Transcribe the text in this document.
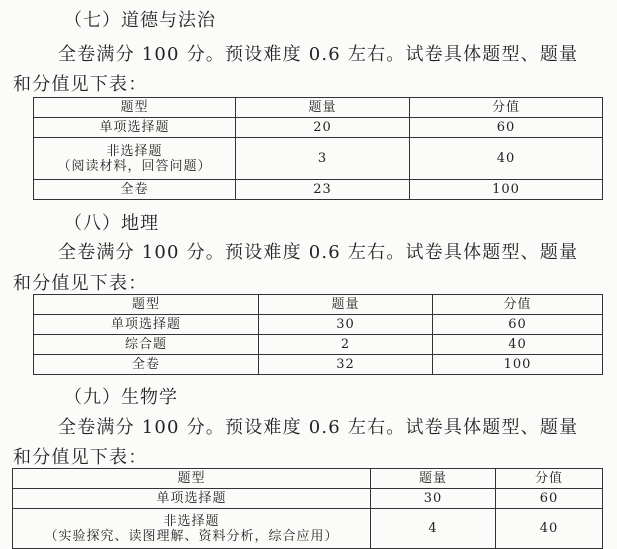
（七）道德与法治
全卷满分 100 分。预设难度 0.6 左右。试卷具体题型、题量
和分值见下表：
题型	题量	分值
单项选择题	20	60

非选择题
（阅读材料，回答问题）	3	40
全卷	23	100
（八）地理
全卷满分 100 分。预设难度 0.6 左右。试卷具体题型、题量
和分值见下表：
题型	题量	分值
单项选择题	30	60
综合题	2	40
全卷	32	100
（九）生物学
全卷满分 100 分。预设难度 0.6 左右。试卷具体题型、题量
和分值见下表：
题型	题量	分值
单项选择题	30	60

非选择题
（实验探究、读图理解、资料分析，综合应用）	4	40
